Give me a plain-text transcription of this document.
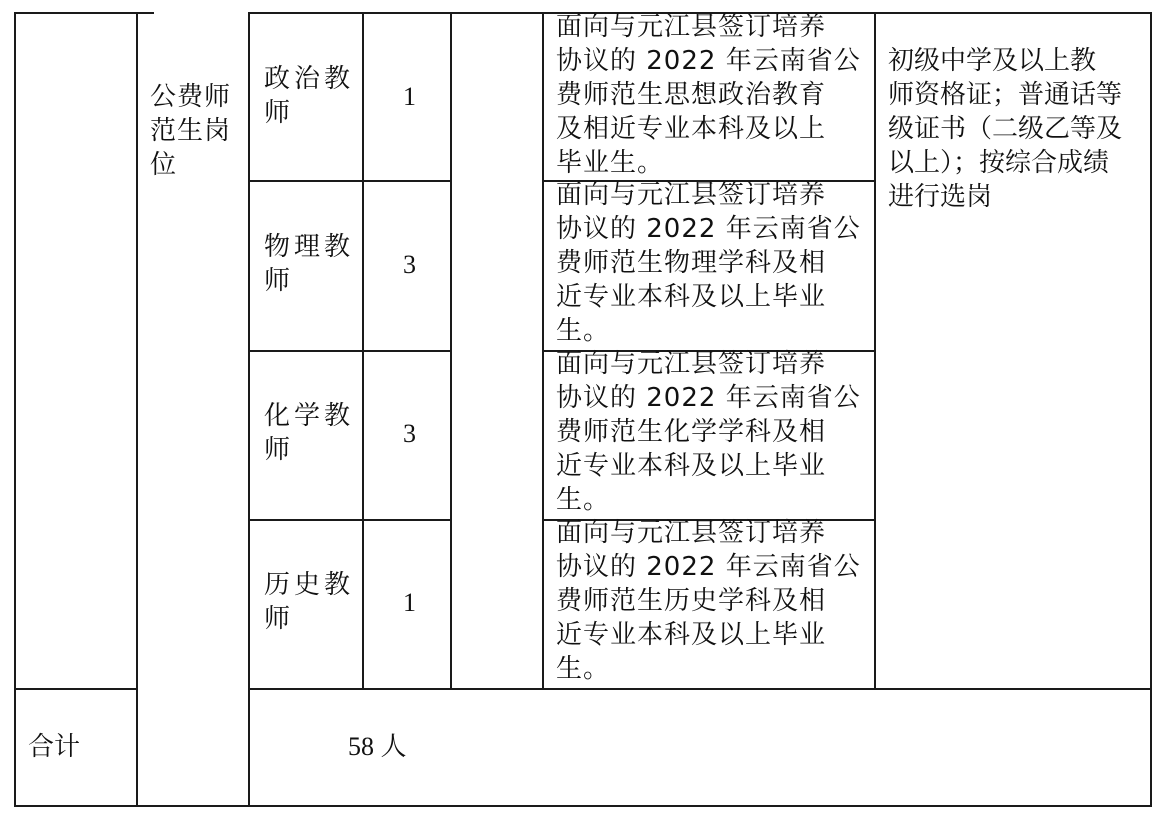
公费师
范生岗
位
政治教
师
1
面向与元江县签订培养
协议的 2022 年云南省公
费师范生思想政治教育
及相近专业本科及以上
毕业生。
物理教
师
3
面向与元江县签订培养
协议的 2022 年云南省公
费师范生物理学科及相
近专业本科及以上毕业
生。
化学教
师
3
面向与元江县签订培养
协议的 2022 年云南省公
费师范生化学学科及相
近专业本科及以上毕业
生。
历史教
师
1
面向与元江县签订培养
协议的 2022 年云南省公
费师范生历史学科及相
近专业本科及以上毕业
生。
初级中学及以上教
师资格证；普通话等
级证书（二级乙等及
以上）；按综合成绩
进行选岗
合计	58 人
